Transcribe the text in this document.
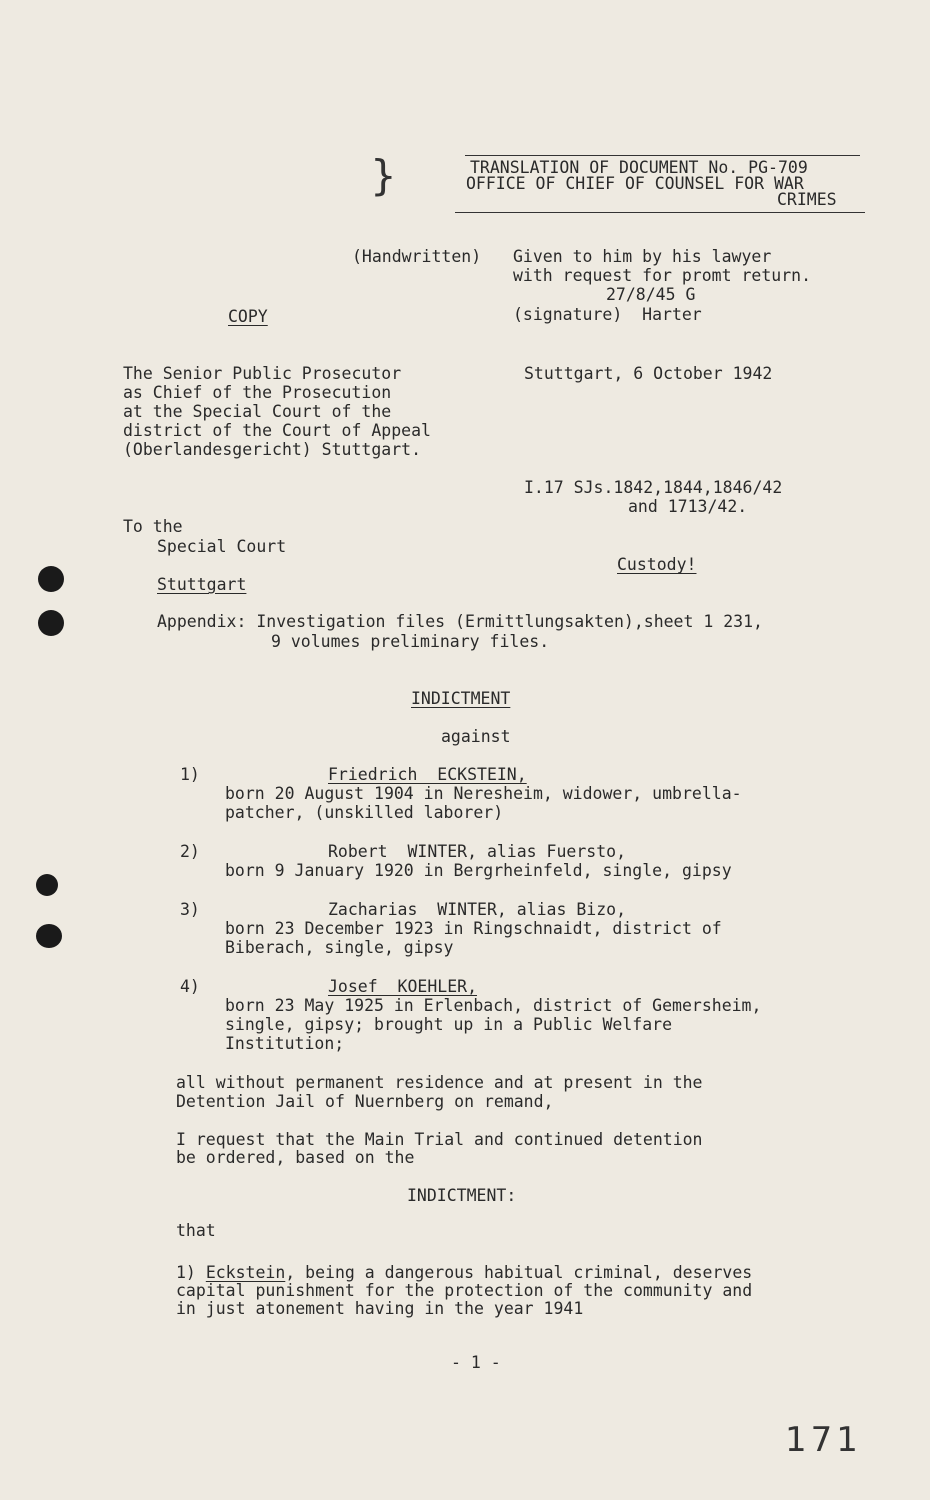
}	TRANSLATION OF DOCUMENT No. PG-709
OFFICE OF CHIEF OF COUNSEL FOR WAR
CRIMES
(Handwritten) Given to him by his lawyer
with request for promt return.
27/8/45 G
(signature)  Harter
COPY
The Senior Public Prosecutor
as Chief of the Prosecution
at the Special Court of the
district of the Court of Appeal
(Oberlandesgericht) Stuttgart.
Stuttgart, 6 October 1942
I.17 SJs.1842,1844,1846/42
and 1713/42.
To the
Special Court
Stuttgart
Custody!
Appendix: Investigation files (Ermittlungsakten),sheet 1 231,
9 volumes preliminary files.
INDICTMENT
against
1)	Friedrich  ECKSTEIN,
born 20 August 1904 in Neresheim, widower, umbrella-
patcher, (unskilled laborer)
2)	Robert  WINTER, alias Fuersto,
born 9 January 1920 in Bergrheinfeld, single, gipsy
3)	Zacharias  WINTER, alias Bizo,
born 23 December 1923 in Ringschnaidt, district of
Biberach, single, gipsy
4)	Josef  KOEHLER,
born 23 May 1925 in Erlenbach, district of Gemersheim,
single, gipsy; brought up in a Public Welfare
Institution;
all without permanent residence and at present in the
Detention Jail of Nuernberg on remand,
I request that the Main Trial and continued detention
be ordered, based on the
INDICTMENT:
that
1) Eckstein, being a dangerous habitual criminal, deserves
capital punishment for the protection of the community and
in just atonement having in the year 1941
- 1 -
171
